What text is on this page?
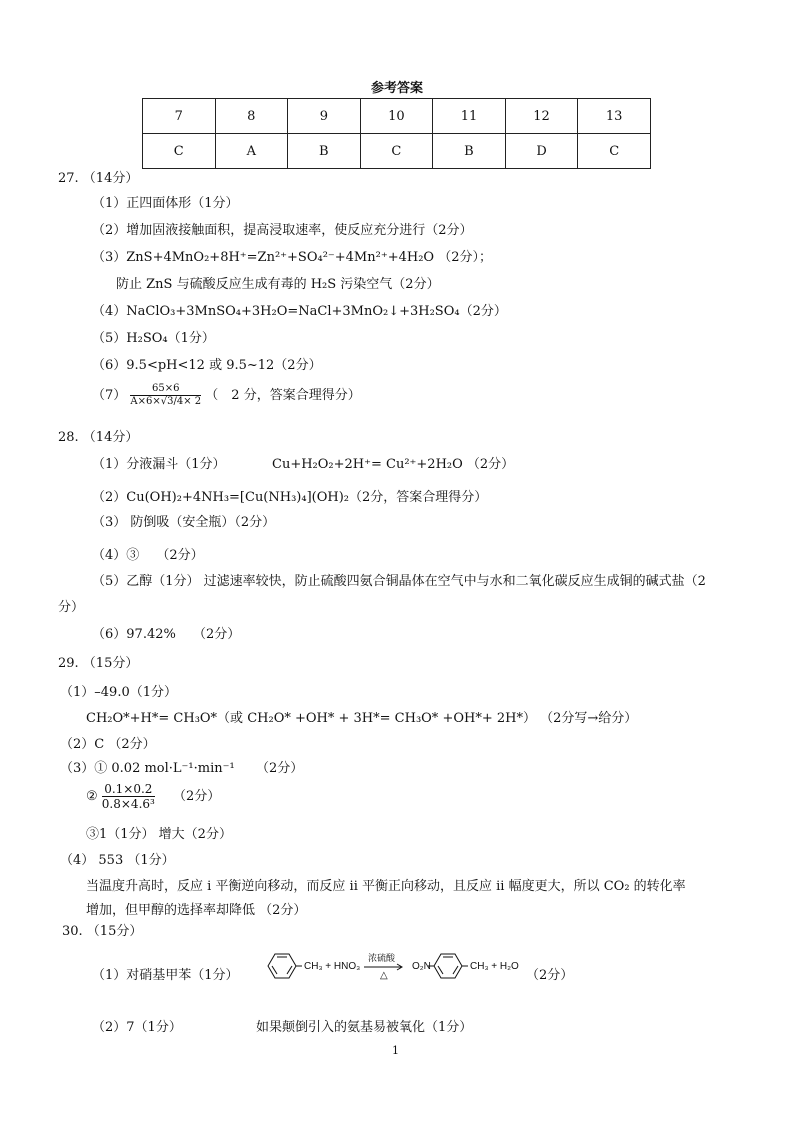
参考答案
7	8	9	10	11	12	13
C	A	B	C	B	D	C
27. （14分）
（1）正四面体形（1分）
（2）增加固液接触面积，提高浸取速率，使反应充分进行（2分）
（3）ZnS+4MnO₂+8H⁺=Zn²⁺+SO₄²⁻+4Mn²⁺+4H₂O （2分）；
防止 ZnS 与硫酸反应生成有毒的 H₂S 污染空气（2分）
（4）NaClO₃+3MnSO₄+3H₂O=NaCl+3MnO₂↓+3H₂SO₄（2分）
（5）H₂SO₄（1分）
（6）9.5<pH<12 或 9.5~12（2分）
$(7) \frac{65\times 6}{A\times 6\times√3/4\times 2}$ （　2 分，答案合理得分）
28. （14分）
（1）分液漏斗（1分）	Cu+H₂O₂+2H⁺= Cu²⁺+2H₂O （2分）
（2）Cu(OH)₂+4NH₃=[Cu(NH₃)₄](OH)₂（2分，答案合理得分）
（3） 防倒吸（安全瓶）（2分）
（4）③　 （2分）
（5）乙醇（1分） 过滤速率较快，防止硫酸四氨合铜晶体在空气中与水和二氧化碳反应生成铜的碱式盐（2
分）
（6）97.42%　 （2分）
29. （15分）
（1）–49.0（1分）
CH₂O*+H*= CH₃O*（或 CH₂O* +OH* + 3H*= CH₃O* +OH*+ 2H*） （2分写→给分）
（2）C （2分）
（3）① 0.02 mol·L⁻¹·min⁻¹ 　 （2分）
② $\frac{0.1\times 0.2}{\text{0.8×4.6³}} (2$分）
③1（1分） 增大（2分）
（4） 553 （1分）
当温度升高时，反应 i 平衡逆向移动，而反应 ii 平衡正向移动，且反应 ii 幅度更大，所以 CO₂ 的转化率
增加，但甲醇的选择率却降低 （2分）
30. （15分）
（1）对硝基甲苯（1分）
CH₃ + HNO₃
浓硫酸
△
O₂N	CH₃ + H₂O
（2分）
（2）7（1分）	如果颠倒引入的氨基易被氧化（1分）
1
